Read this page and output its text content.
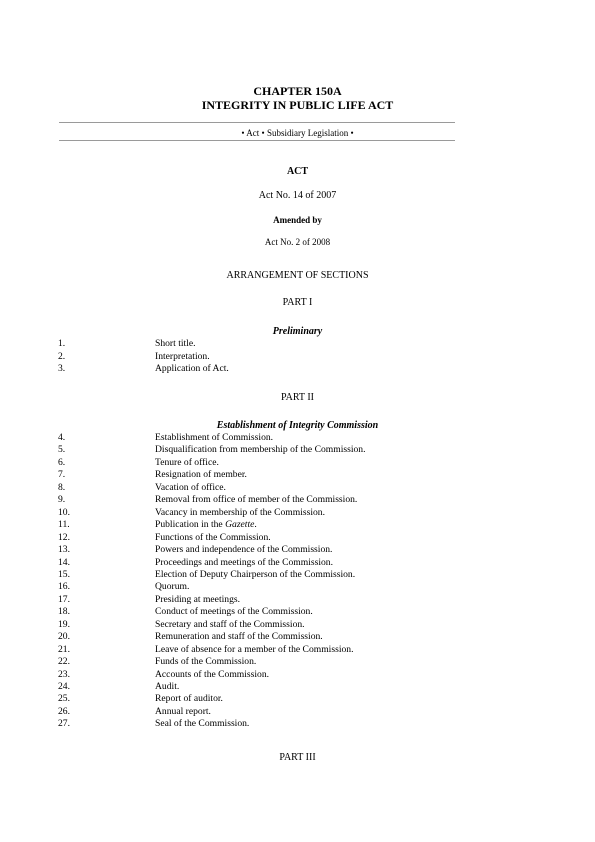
CHAPTER 150A
INTEGRITY IN PUBLIC LIFE ACT
• Act • Subsidiary Legislation •
ACT
Act No. 14 of 2007
Amended by
Act No. 2 of 2008
ARRANGEMENT OF SECTIONS
PART I
Preliminary
1.	Short title.
2.	Interpretation.
3.	Application of Act.
PART II
Establishment of Integrity Commission
4.	Establishment of Commission.
5.	Disqualification from membership of the Commission.
6.	Tenure of office.
7.	Resignation of member.
8.	Vacation of office.
9.	Removal from office of member of the Commission.
10.	Vacancy in membership of the Commission.
11.	Publication in the Gazette.
12.	Functions of the Commission.
13.	Powers and independence of the Commission.
14.	Proceedings and meetings of the Commission.
15.	Election of Deputy Chairperson of the Commission.
16.	Quorum.
17.	Presiding at meetings.
18.	Conduct of meetings of the Commission.
19.	Secretary and staff of the Commission.
20.	Remuneration and staff of the Commission.
21.	Leave of absence for a member of the Commission.
22.	Funds of the Commission.
23.	Accounts of the Commission.
24.	Audit.
25.	Report of auditor.
26.	Annual report.
27.	Seal of the Commission.
PART III
